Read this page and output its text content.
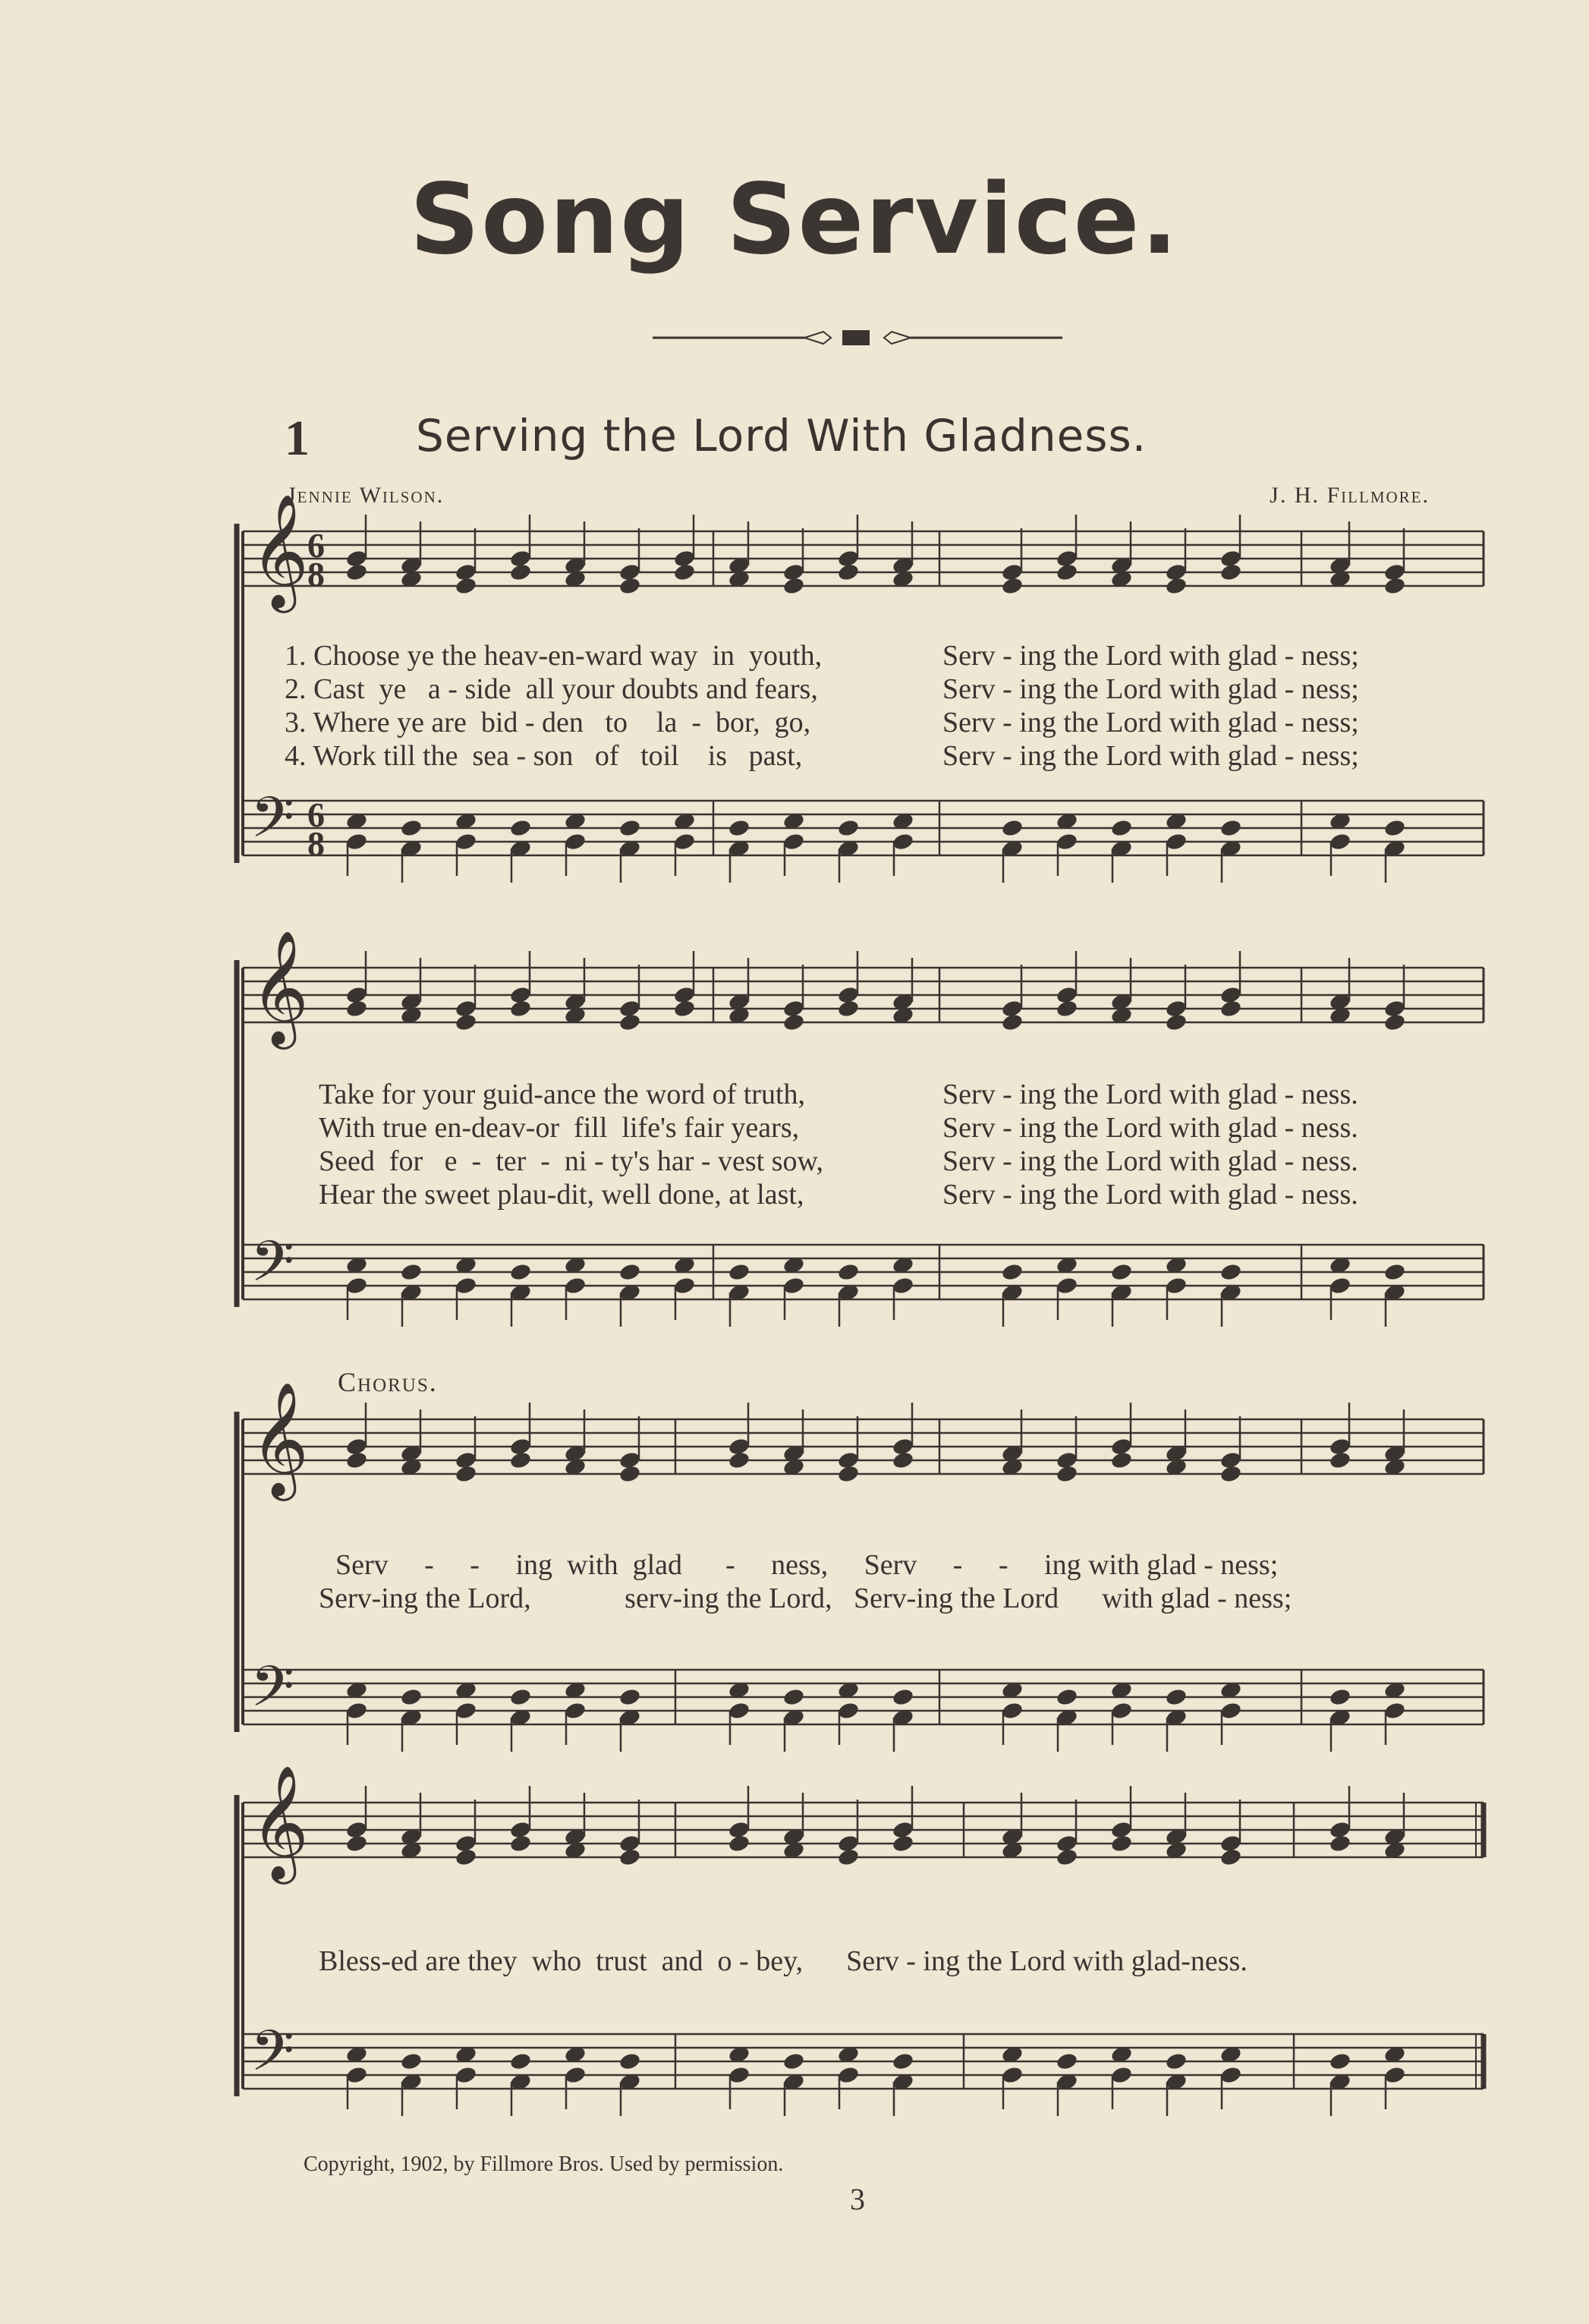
Song Service.
1 Serving the Lord With Gladness.
Jennie Wilson.	J. H. Fillmore.
𝄞
𝄢
𝄞
𝄢
𝄞
𝄢
𝄞
𝄢
6
8
6
8
1. Choose ye the heav-en-ward way  in  youth,	Serv - ing the Lord with glad - ness;
2. Cast  ye   a - side  all your doubts and fears,	Serv - ing the Lord with glad - ness;
3. Where ye are  bid - den   to    la  -  bor,  go,	Serv - ing the Lord with glad - ness;
4. Work till the  sea - son   of   toil    is   past,	Serv - ing the Lord with glad - ness;
Take for your guid-ance the word of truth,	Serv - ing the Lord with glad - ness.
With true en-deav-or  fill  life's fair years,	Serv - ing the Lord with glad - ness.
Seed  for   e  -  ter  -  ni - ty's har - vest sow,	Serv - ing the Lord with glad - ness.
Hear the sweet plau-dit, well done, at last,	Serv - ing the Lord with glad - ness.
Chorus.
Serv     -     -     ing  with  glad      -     ness,     Serv     -     -     ing with glad - ness;
Serv-ing the Lord,             serv-ing the Lord,   Serv-ing the Lord      with glad - ness;
Bless-ed are they  who  trust  and  o - bey,      Serv - ing the Lord with glad-ness.
Copyright, 1902, by Fillmore Bros. Used by permission.
3
